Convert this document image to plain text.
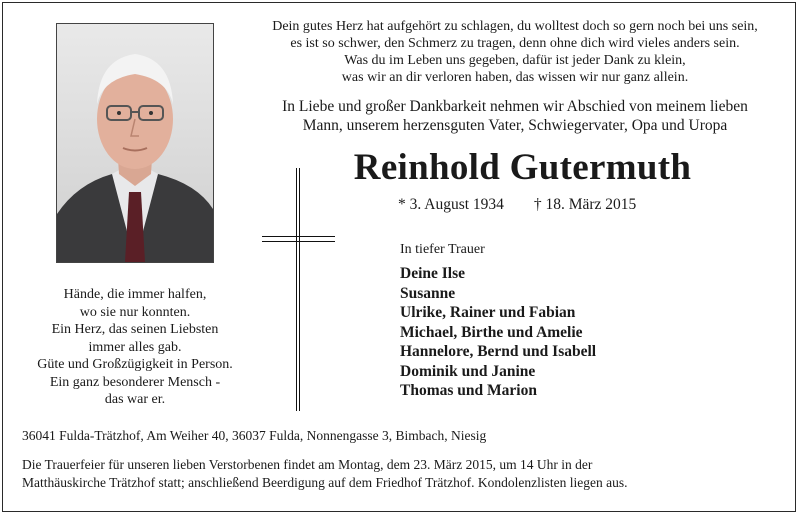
Dein gutes Herz hat aufgehört zu schlagen, du wolltest doch so gern noch bei uns sein,
es ist so schwer, den Schmerz zu tragen, denn ohne dich wird vieles anders sein.
Was du im Leben uns gegeben, dafür ist jeder Dank zu klein,
was wir an dir verloren haben, das wissen wir nur ganz allein.
In Liebe und großer Dankbarkeit nehmen wir Abschied von meinem lieben
Mann, unserem herzensguten Vater, Schwiegervater, Opa und Uropa
Reinhold Gutermuth
* 3. August 1934 † 18. März 2015
In tiefer Trauer
Deine Ilse
Susanne
Ulrike, Rainer und Fabian
Michael, Birthe und Amelie
Hannelore, Bernd und Isabell
Dominik und Janine
Thomas und Marion
Hände, die immer halfen,
wo sie nur konnten.
Ein Herz, das seinen Liebsten
immer alles gab.
Güte und Großzügigkeit in Person.
Ein ganz besonderer Mensch -
das war er.
36041 Fulda-Trätzhof, Am Weiher 40, 36037 Fulda, Nonnengasse 3, Bimbach, Niesig
Die Trauerfeier für unseren lieben Verstorbenen findet am Montag, dem 23. März 2015, um 14 Uhr in der
Matthäuskirche Trätzhof statt; anschließend Beerdigung auf dem Friedhof Trätzhof. Kondolenzlisten liegen aus.
